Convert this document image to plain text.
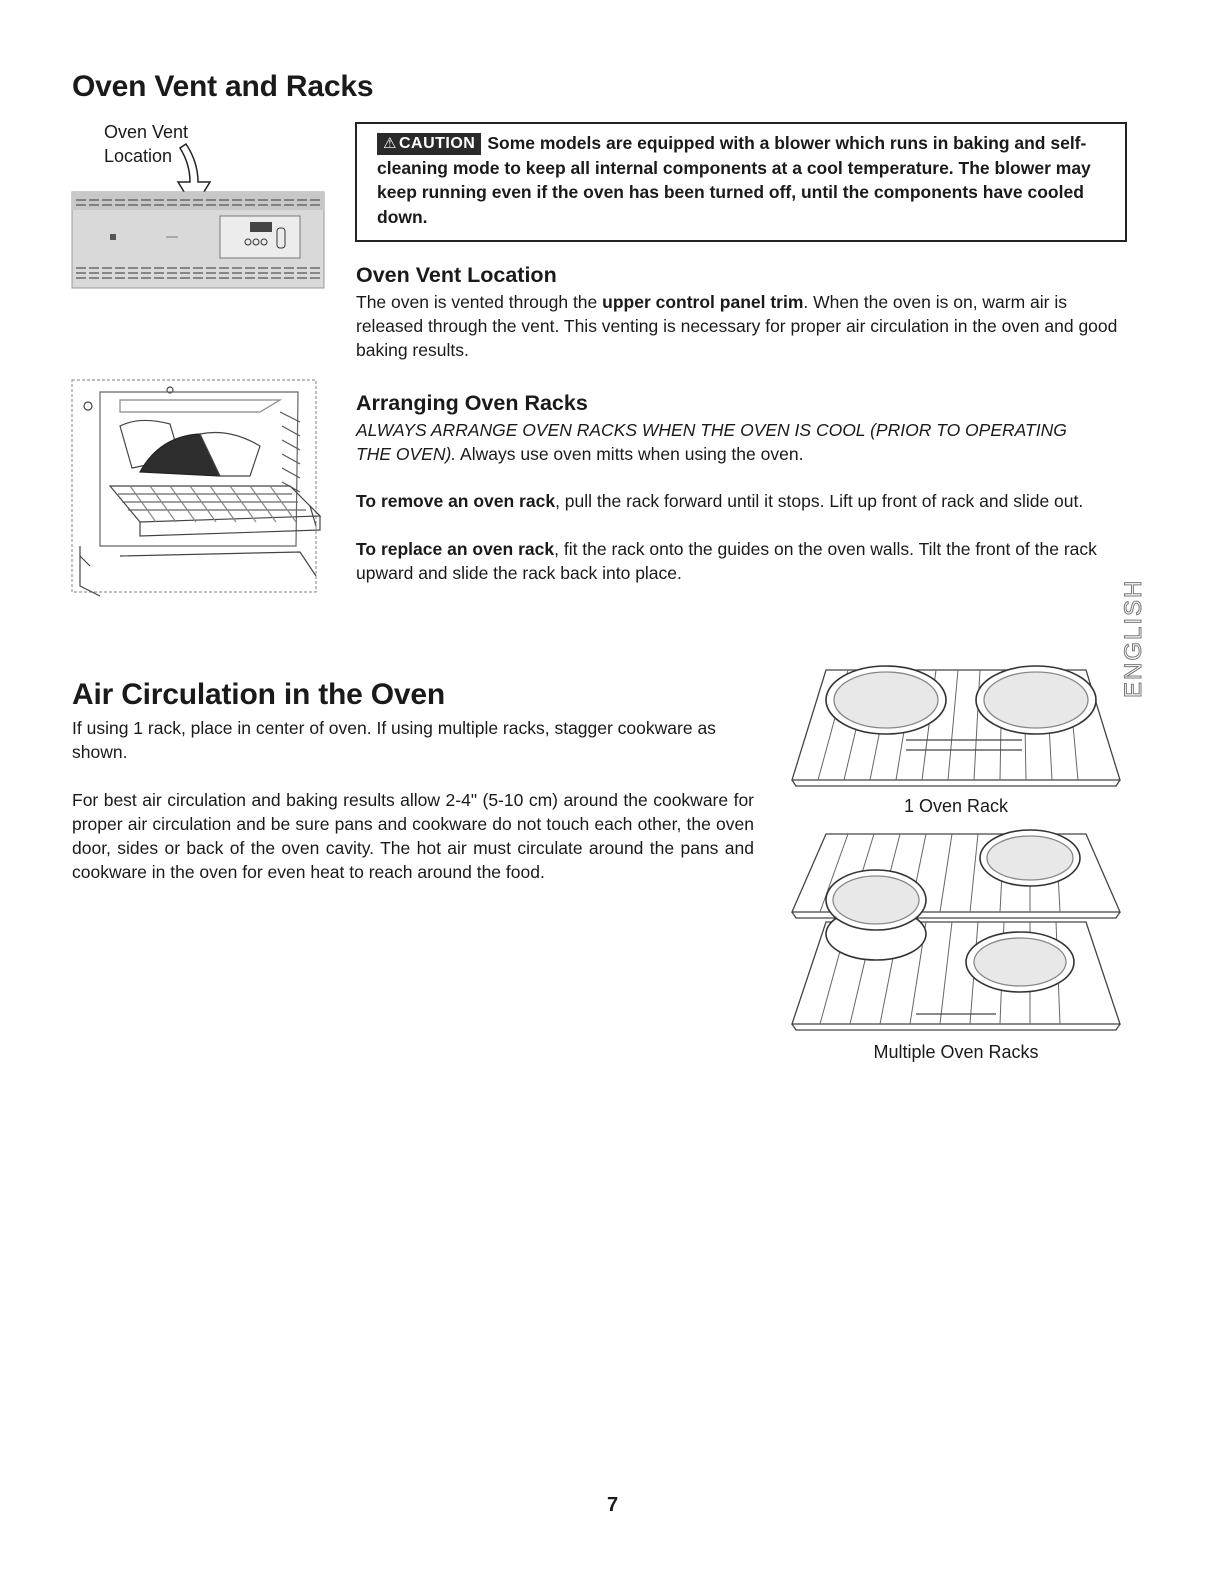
Oven Vent and Racks
Oven Vent
Location
⚠ CAUTION Some models are equipped with a blower which runs in baking and self-cleaning mode to keep all internal components at a cool temperature. The blower may keep running even if the oven has been turned off, until the components have cooled down.
Oven Vent Location
The oven is vented through the upper control panel trim. When the oven is on, warm air is released through the vent. This venting is necessary for proper air circulation in the oven and good baking results.
Arranging Oven Racks
ALWAYS ARRANGE OVEN RACKS WHEN THE OVEN IS COOL (PRIOR TO OPERATING THE OVEN). Always use oven mitts when using the oven.
To remove an oven rack, pull the rack forward until it stops. Lift up front of rack and slide out.
To replace an oven rack, fit the rack onto the guides on the oven walls. Tilt the front of the rack upward and slide the rack back into place.
ENGLISH
Air Circulation in the Oven
If using 1 rack, place in center of oven. If using multiple racks, stagger cookware as shown.
For best air circulation and baking results allow 2-4" (5-10 cm) around the cookware for proper air circulation and be sure pans and cookware do not touch each other, the oven door, sides or back of the oven cavity. The hot air must circulate around the pans and cookware in the oven for even heat to reach around the food.
1 Oven Rack
Multiple Oven Racks
7
